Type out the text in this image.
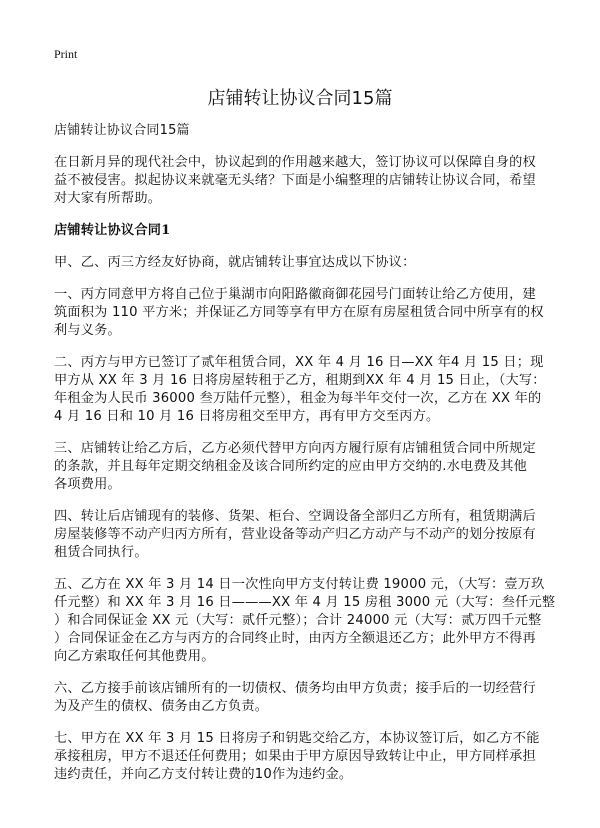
Print
店铺转让协议合同15篇
店铺转让协议合同15篇
在日新月异的现代社会中，协议起到的作用越来越大，签订协议可以保障自身的权
益不被侵害。拟起协议来就毫无头绪？下面是小编整理的店铺转让协议合同，希望
对大家有所帮助。
店铺转让协议合同1
甲、乙、丙三方经友好协商，就店铺转让事宜达成以下协议：
一、丙方同意甲方将自己位于巢湖市向阳路徽商御花园号门面转让给乙方使用，建
筑面积为 110 平方米；并保证乙方同等享有甲方在原有房屋租赁合同中所享有的权
利与义务。
二、丙方与甲方已签订了贰年租赁合同，XX 年 4 月 16 日—XX 年4 月 15 日；现
甲方从 XX 年 3 月 16 日将房屋转租于乙方，租期到XX 年 4 月 15 日止，（大写：
年租金为人民币 36000 叁万陆仟元整），租金为每半年交付一次，乙方在 XX 年的
4 月 16 日和 10 月 16 日将房租交至甲方，再有甲方交至丙方。
三、店铺转让给乙方后，乙方必须代替甲方向丙方履行原有店铺租赁合同中所规定
的条款，并且每年定期交纳租金及该合同所约定的应由甲方交纳的.水电费及其他
各项费用。
四、转让后店铺现有的装修、货架、柜台、空调设备全部归乙方所有，租赁期满后
房屋装修等不动产归丙方所有，营业设备等动产归乙方动产与不动产的划分按原有
租赁合同执行。
五、乙方在 XX 年 3 月 14 日一次性向甲方支付转让费 19000 元，（大写：壹万玖
仟元整）和 XX 年 3 月 16 日———XX 年 4 月 15 房租 3000 元（大写：叁仟元整
）和合同保证金 XX 元（大写：贰仟元整）；合计 24000 元（大写：贰万四千元整
）合同保证金在乙方与丙方的合同终止时，由丙方全额退还乙方；此外甲方不得再
向乙方索取任何其他费用。
六、乙方接手前该店铺所有的一切债权、债务均由甲方负责；接手后的一切经营行
为及产生的债权、债务由乙方负责。
七、甲方在 XX 年 3 月 15 日将房子和钥匙交给乙方，本协议签订后，如乙方不能
承接租房，甲方不退还任何费用；如果由于甲方原因导致转让中止，甲方同样承担
违约责任，并向乙方支付转让费的10作为违约金。
